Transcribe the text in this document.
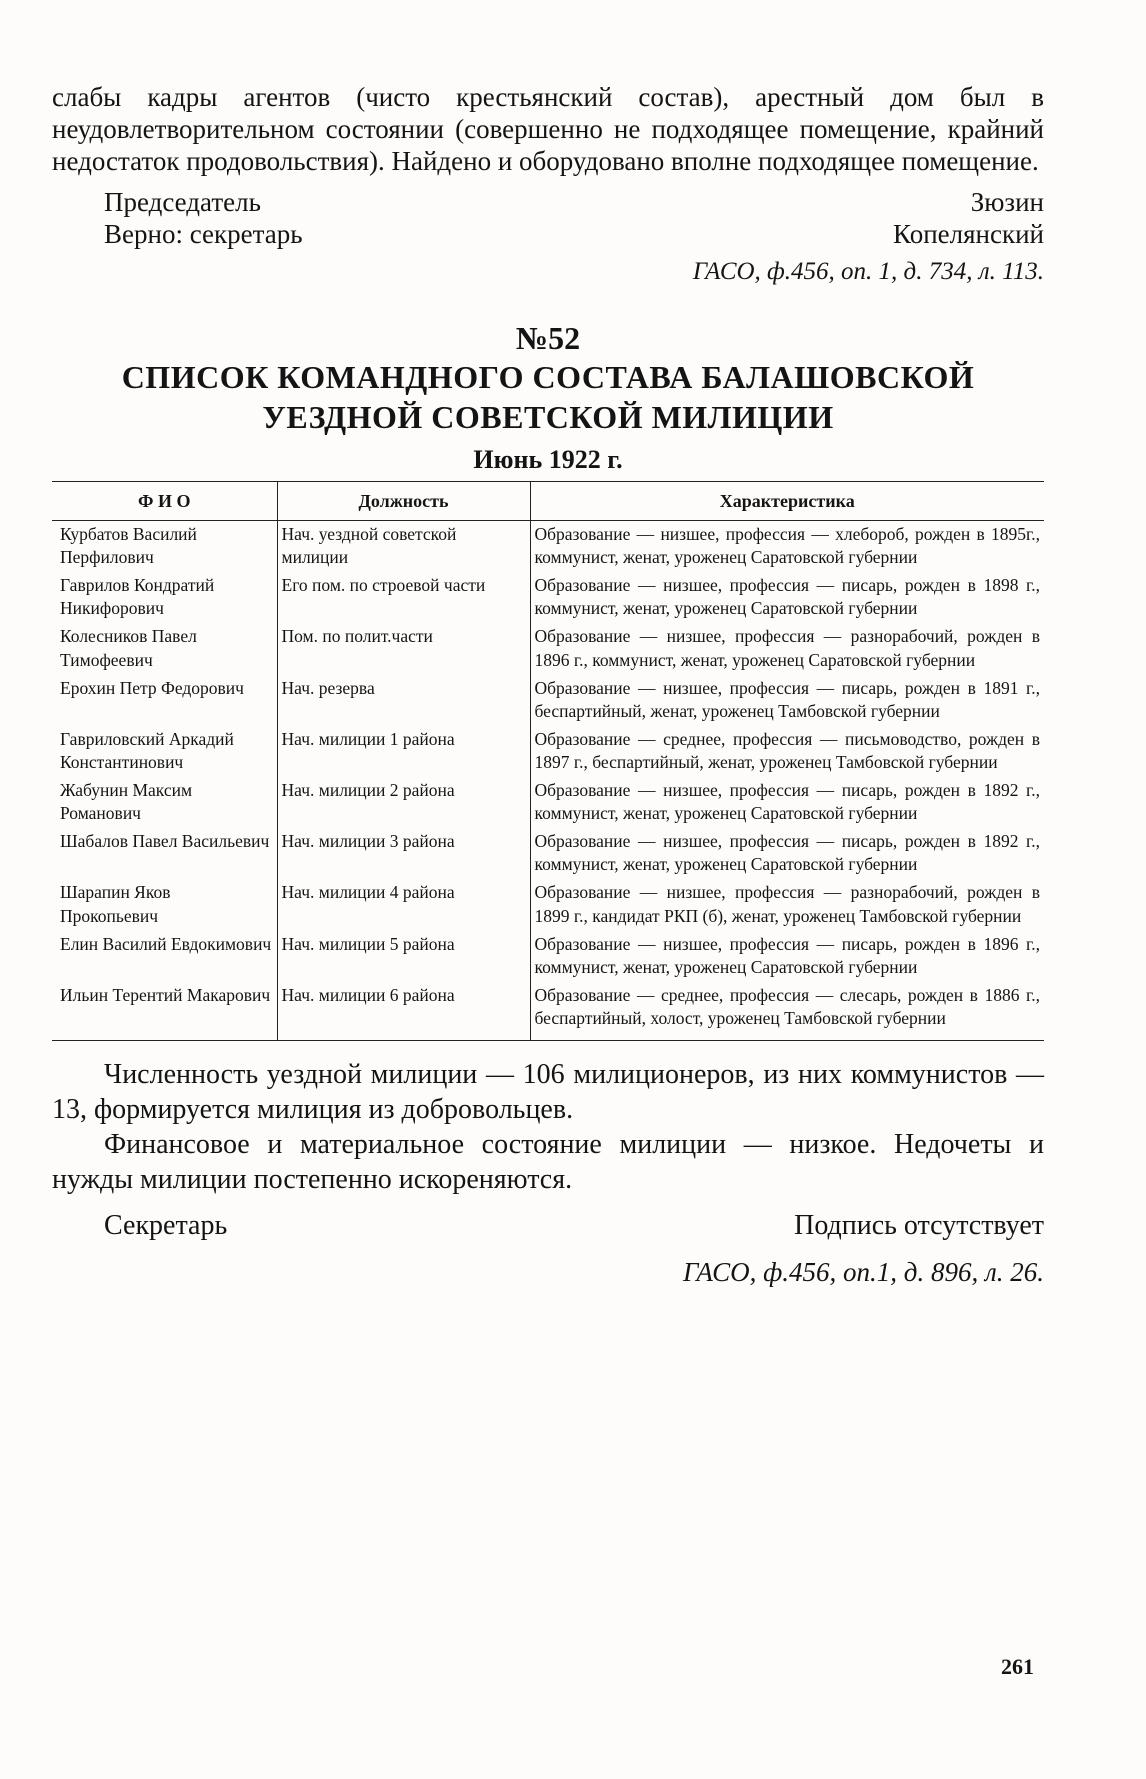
слабы кадры агентов (чисто крестьянский состав), арестный дом был в неудовлетворительном состоянии (совершенно не подходящее помещение, крайний недостаток продовольствия). Найдено и оборудовано вполне подходящее помещение.

Председатель	Зюзин
Верно: секретарь	Копелянский
ГАСО, ф.456, оп. 1, д. 734, л. 113.
№52
СПИСОК КОМАНДНОГО СОСТАВА БАЛАШОВСКОЙ
УЕЗДНОЙ СОВЕТСКОЙ МИЛИЦИИ
Июнь 1922 г.
Ф И О	Должность	Характеристика
Курбатов Василий Перфилович	Нач. уездной советской милиции	Образование — низшее, профессия — хлебороб, рожден в 1895г., коммунист, женат, уроженец Саратовской губернии
Гаврилов Кондратий Никифорович	Его пом. по строевой части	Образование — низшее, профессия — писарь, рожден в 1898 г., коммунист, женат, уроженец Саратовской губернии
Колесников Павел Тимофеевич	Пом. по полит.части	Образование — низшее, профессия — разнорабочий, рожден в 1896 г., коммунист, женат, уроженец Саратовской губернии
Ерохин Петр Федорович	Нач. резерва	Образование — низшее, профессия — писарь, рожден в 1891 г., беспартийный, женат, уроженец Тамбовской губернии
Гавриловский Аркадий Константинович	Нач. милиции 1 района	Образование — среднее, профессия — письмоводство, рожден в 1897 г., беспартийный, женат, уроженец Тамбовской губернии
Жабунин Максим Романович	Нач. милиции 2 района	Образование — низшее, профессия — писарь, рожден в 1892 г., коммунист, женат, уроженец Саратовской губернии
Шабалов Павел Васильевич	Нач. милиции 3 района	Образование — низшее, профессия — писарь, рожден в 1892 г., коммунист, женат, уроженец Саратовской губернии
Шарапин Яков Прокопьевич	Нач. милиции 4 района	Образование — низшее, профессия — разнорабочий, рожден в 1899 г., кандидат РКП (б), женат, уроженец Тамбовской губернии
Елин Василий Евдокимович	Нач. милиции 5 района	Образование — низшее, профессия — писарь, рожден в 1896 г., коммунист, женат, уроженец Саратовской губернии
Ильин Терентий Макарович	Нач. милиции 6 района	Образование — среднее, профессия — слесарь, рожден в 1886 г., беспартийный, холост, уроженец Тамбовской губернии

Численность уездной милиции — 106 милиционеров, из них коммунистов — 13, формируется милиция из добровольцев.

Финансовое и материальное состояние милиции — низкое. Недочеты и нужды милиции постепенно искореняются.

Секретарь	Подпись отсутствует
ГАСО, ф.456, оп.1, д. 896, л. 26.
261
